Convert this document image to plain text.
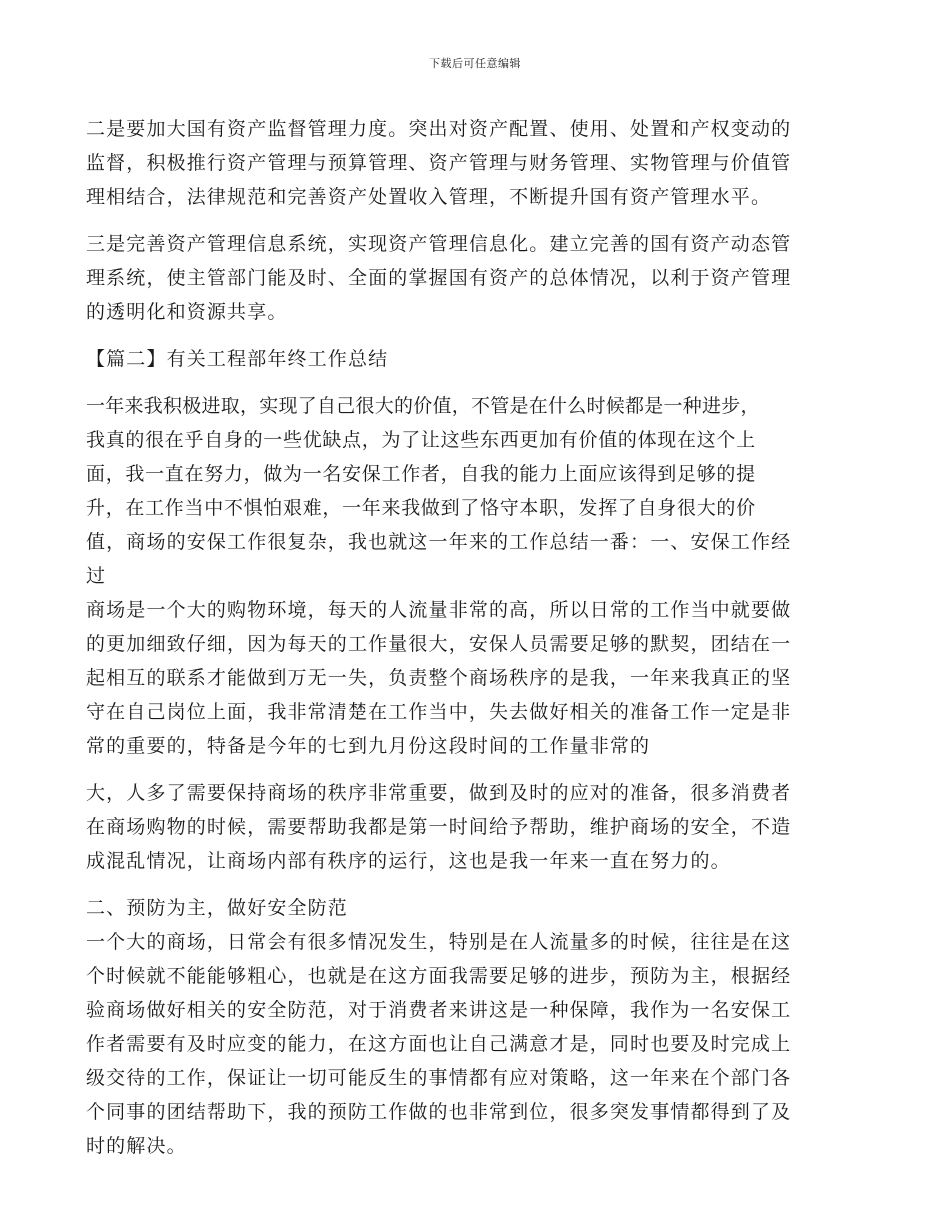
下载后可任意编辑
二是要加大国有资产监督管理力度。突出对资产配置、使用、处置和产权变动的
监督，积极推行资产管理与预算管理、资产管理与财务管理、实物管理与价值管
理相结合，法律规范和完善资产处置收入管理，不断提升国有资产管理水平。
三是完善资产管理信息系统，实现资产管理信息化。建立完善的国有资产动态管
理系统，使主管部门能及时、全面的掌握国有资产的总体情况，以利于资产管理
的透明化和资源共享。
【篇二】有关工程部年终工作总结
一年来我积极进取，实现了自己很大的价值，不管是在什么时候都是一种进步，
我真的很在乎自身的一些优缺点，为了让这些东西更加有价值的体现在这个上
面，我一直在努力，做为一名安保工作者，自我的能力上面应该得到足够的提
升，在工作当中不惧怕艰难，一年来我做到了恪守本职，发挥了自身很大的价
值，商场的安保工作很复杂，我也就这一年来的工作总结一番：一、安保工作经
过
商场是一个大的购物环境，每天的人流量非常的高，所以日常的工作当中就要做
的更加细致仔细，因为每天的工作量很大，安保人员需要足够的默契，团结在一
起相互的联系才能做到万无一失，负责整个商场秩序的是我，一年来我真正的坚
守在自己岗位上面，我非常清楚在工作当中，失去做好相关的准备工作一定是非
常的重要的，特备是今年的七到九月份这段时间的工作量非常的
大，人多了需要保持商场的秩序非常重要，做到及时的应对的准备，很多消费者
在商场购物的时候，需要帮助我都是第一时间给予帮助，维护商场的安全，不造
成混乱情况，让商场内部有秩序的运行，这也是我一年来一直在努力的。
二、预防为主，做好安全防范
一个大的商场，日常会有很多情况发生，特别是在人流量多的时候，往往是在这
个时候就不能能够粗心，也就是在这方面我需要足够的进步，预防为主，根据经
验商场做好相关的安全防范，对于消费者来讲这是一种保障，我作为一名安保工
作者需要有及时应变的能力，在这方面也让自己满意才是，同时也要及时完成上
级交待的工作，保证让一切可能反生的事情都有应对策略，这一年来在个部门各
个同事的团结帮助下，我的预防工作做的也非常到位，很多突发事情都得到了及
时的解决。
